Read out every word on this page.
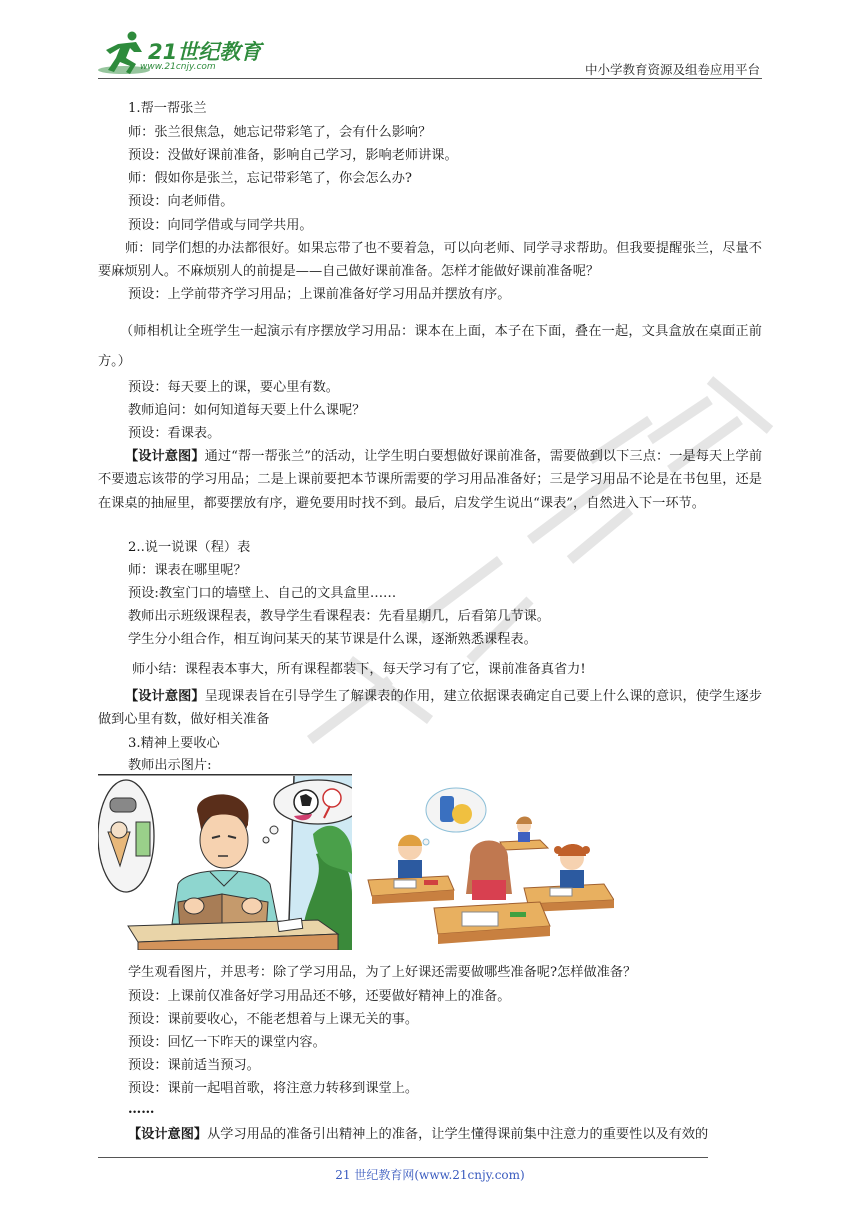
21世纪教育
www.21cnjy.com	中小学教育资源及组卷应用平台
1.帮一帮张兰
师：张兰很焦急，她忘记带彩笔了，会有什么影响？
预设：没做好课前准备，影响自己学习，影响老师讲课。
师：假如你是张兰，忘记带彩笔了，你会怎么办?
预设：向老师借。
预设：向同学借或与同学共用。
师：同学们想的办法都很好。如果忘带了也不要着急，可以向老师、同学寻求帮助。但我要提醒张兰，尽量不要麻烦别人。不麻烦别人的前提是——自己做好课前准备。怎样才能做好课前准备呢？
预设：上学前带齐学习用品；上课前准备好学习用品并摆放有序。
（师相机让全班学生一起演示有序摆放学习用品：课本在上面，本子在下面，叠在一起，文具盒放在桌面正前方。）
预设：每天要上的课，要心里有数。
教师追问：如何知道每天要上什么课呢？
预设：看课表。
【设计意图】通过“帮一帮张兰”的活动，让学生明白要想做好课前准备，需要做到以下三点：一是每天上学前不要遗忘该带的学习用品；二是上课前要把本节课所需要的学习用品准备好；三是学习用品不论是在书包里，还是在课桌的抽屉里，都要摆放有序，避免要用时找不到。最后，启发学生说出“课表”，自然进入下一环节。
2..说一说课（程）表
师：课表在哪里呢？
预设:教室门口的墙壁上、自己的文具盒里……
教师出示班级课程表，教导学生看课程表：先看星期几，后看第几节课。
学生分小组合作，相互询问某天的某节课是什么课，逐渐熟悉课程表。
师小结：课程表本事大，所有课程都装下，每天学习有了它，课前准备真省力!
【设计意图】呈现课表旨在引导学生了解课表的作用，建立依据课表确定自己要上什么课的意识，使学生逐步做到心里有数，做好相关准备
3.精神上要收心
教师出示图片:
学生观看图片，并思考：除了学习用品，为了上好课还需要做哪些准备呢?怎样做准备？
预设：上课前仅准备好学习用品还不够，还要做好精神上的准备。
预设：课前要收心，不能老想着与上课无关的事。
预设：回忆一下昨天的课堂内容。
预设：课前适当预习。
预设：课前一起唱首歌，将注意力转移到课堂上。
……
【设计意图】从学习用品的准备引出精神上的准备，让学生懂得课前集中注意力的重要性以及有效的
21 世纪教育网(www.21cnjy.com)
